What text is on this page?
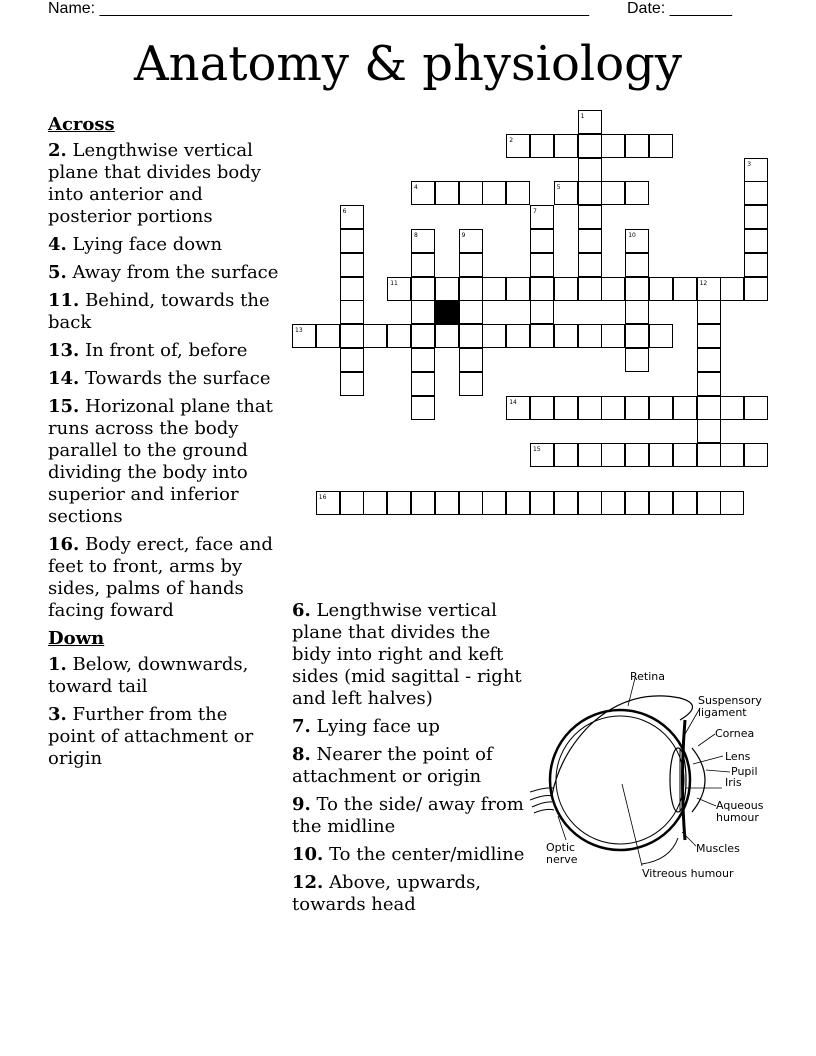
Name: _______________________________________________________ Date: _______
Anatomy & physiology
Across
2. Lengthwise vertical plane that divides body into anterior and posterior portions
4. Lying face down
5. Away from the surface
11. Behind, towards the back
13. In front of, before
14. Towards the surface
15. Horizonal plane that runs across the body parallel to the ground dividing the body into superior and inferior sections
16. Body erect, face and feet to front, arms by sides, palms of hands facing foward
Down
1. Below, downwards, toward tail
3. Further from the point of attachment or origin
6. Lengthwise vertical plane that divides the bidy into right and keft sides (mid sagittal - right and left halves)
7. Lying face up
8. Nearer the point of attachment or origin
9. To the side/ away from the midline
10. To the center/midline
12. Above, upwards, towards head
2
4	5
11	12
13
14
15
16
1
3
6	7
8	9	10
Retina
Suspensory
ligament
Cornea
Iris
Pupil
Lens
Aqueous
humour
Optic
nerve
Muscles
Vitreous humour
